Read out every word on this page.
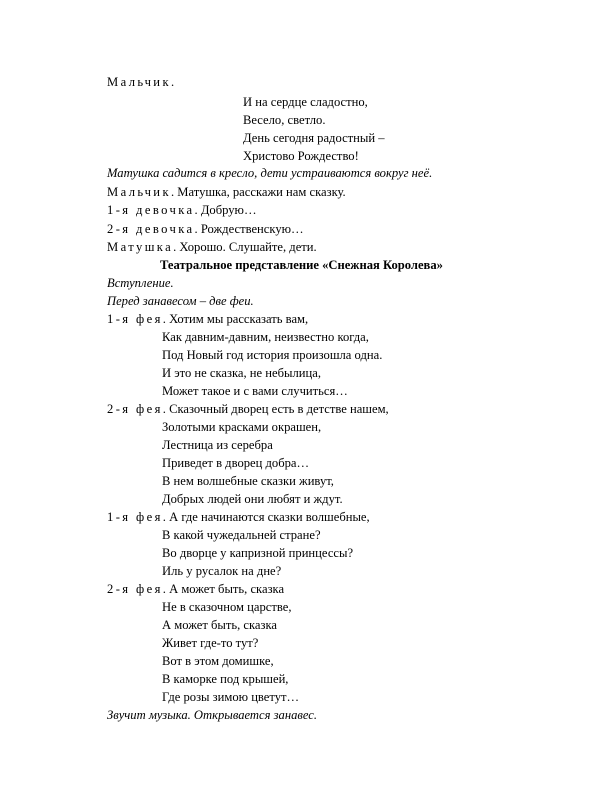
Мальчик.
И на сердце сладостно,
Весело, светло.
День сегодня радостный –
Христово Рождество!
Матушка садится в кресло, дети устраиваются вокруг неё.
Мальчик. Матушка, расскажи нам сказку.
1-я девочка. Добрую…
2-я девочка. Рождественскую…
Матушка. Хорошо. Слушайте, дети.
Театральное представление «Снежная Королева»
Вступление.
Перед занавесом – две феи.
1-я фея. Хотим мы рассказать вам,
Как давним-давним, неизвестно когда,
Под Новый год история произошла одна.
И это не сказка, не небылица,
Может такое и с вами случиться…
2-я фея. Сказочный дворец есть в детстве нашем,
Золотыми красками окрашен,
Лестница из серебра
Приведет в дворец добра…
В нем волшебные сказки живут,
Добрых людей они любят и ждут.
1-я фея. А где начинаются сказки волшебные,
В какой чужедальней стране?
Во дворце у капризной принцессы?
Иль у русалок на дне?
2-я фея. А может быть, сказка
Не в сказочном царстве,
А может быть, сказка
Живет где-то тут?
Вот в этом домишке,
В каморке под крышей,
Где розы зимою цветут…
Звучит музыка. Открывается занавес.
